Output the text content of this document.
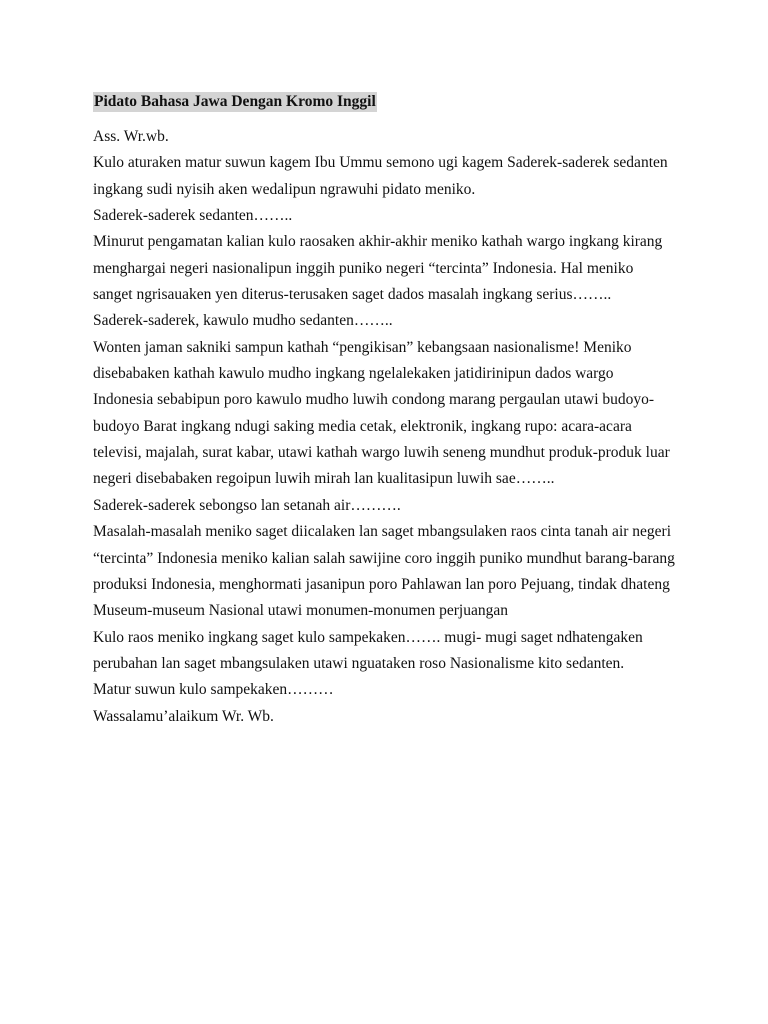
Pidato Bahasa Jawa Dengan Kromo Inggil
Ass. Wr.wb.
Kulo aturaken matur suwun kagem Ibu Ummu semono ugi kagem Saderek-saderek sedanten
ingkang sudi nyisih aken wedalipun ngrawuhi pidato meniko.
Saderek-saderek sedanten……..
Minurut pengamatan kalian kulo raosaken akhir-akhir meniko kathah wargo ingkang kirang
menghargai negeri nasionalipun inggih puniko negeri “tercinta” Indonesia. Hal meniko
sanget ngrisauaken yen diterus-terusaken saget dados masalah ingkang serius……..
Saderek-saderek, kawulo mudho sedanten……..
Wonten jaman sakniki sampun kathah “pengikisan” kebangsaan nasionalisme! Meniko
disebabaken kathah kawulo mudho ingkang ngelalekaken jatidirinipun dados wargo
Indonesia sebabipun poro kawulo mudho luwih condong marang pergaulan utawi budoyo-
budoyo Barat ingkang ndugi saking media cetak, elektronik, ingkang rupo: acara-acara
televisi, majalah, surat kabar, utawi kathah wargo luwih seneng mundhut produk-produk luar
negeri disebabaken regoipun luwih mirah lan kualitasipun luwih sae……..
Saderek-saderek sebongso lan setanah air……….
Masalah-masalah meniko saget diicalaken lan saget mbangsulaken raos cinta tanah air negeri
“tercinta” Indonesia meniko kalian salah sawijine coro inggih puniko mundhut barang-barang
produksi Indonesia, menghormati jasanipun poro Pahlawan lan poro Pejuang, tindak dhateng
Museum-museum Nasional utawi monumen-monumen perjuangan
Kulo raos meniko ingkang saget kulo sampekaken……. mugi- mugi saget ndhatengaken
perubahan lan saget mbangsulaken utawi nguataken roso Nasionalisme kito sedanten.
Matur suwun kulo sampekaken………
Wassalamu’alaikum Wr. Wb.
